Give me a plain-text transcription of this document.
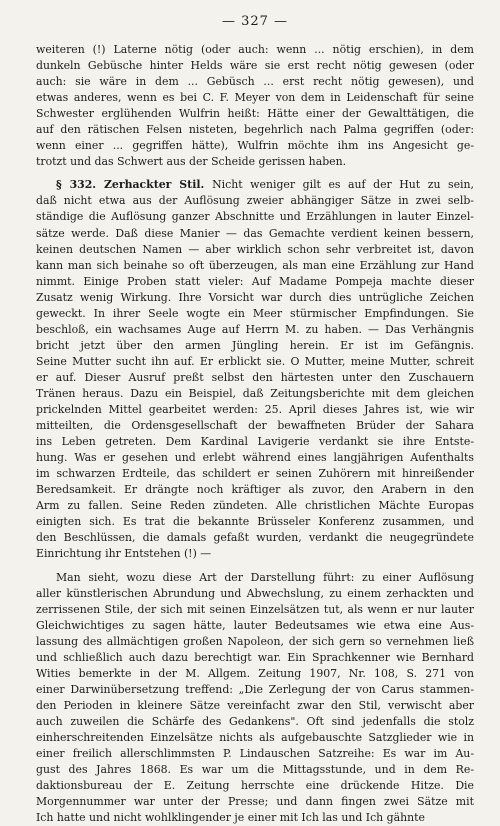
— 327 —
weiteren (!) Laterne nötig (oder auch: wenn ... nötig erschien), in dem
dunkeln Gebüsche hinter Helds wäre sie erst recht nötig gewesen (oder
auch: sie wäre in dem ... Gebüsch ... erst recht nötig gewesen), und
etwas anderes, wenn es bei C. F. Meyer von dem in Leidenschaft für seine
Schwester erglühenden Wulfrin heißt: Hätte einer der Gewalttätigen, die
auf den rätischen Felsen nisteten, begehrlich nach Palma gegriffen (oder:
wenn einer ... gegriffen hätte), Wulfrin möchte ihm ins Angesicht ge-
trotzt und das Schwert aus der Scheide gerissen haben.
§ 332. Zerhackter Stil. Nicht weniger gilt es auf der Hut zu sein,
daß nicht etwa aus der Auflösung zweier abhängiger Sätze in zwei selb-
ständige die Auflösung ganzer Abschnitte und Erzählungen in lauter Einzel-
sätze werde. Daß diese Manier — das Gemachte verdient keinen bessern,
keinen deutschen Namen — aber wirklich schon sehr verbreitet ist, davon
kann man sich beinahe so oft überzeugen, als man eine Erzählung zur Hand
nimmt. Einige Proben statt vieler: Auf Madame Pompeja machte dieser
Zusatz wenig Wirkung. Ihre Vorsicht war durch dies untrügliche Zeichen
geweckt. In ihrer Seele wogte ein Meer stürmischer Empfindungen. Sie
beschloß, ein wachsames Auge auf Herrn M. zu haben. — Das Verhängnis
bricht jetzt über den armen Jüngling herein. Er ist im Gefängnis.
Seine Mutter sucht ihn auf. Er erblickt sie. O Mutter, meine Mutter, schreit
er auf. Dieser Ausruf preßt selbst den härtesten unter den Zuschauern
Tränen heraus. Dazu ein Beispiel, daß Zeitungsberichte mit dem gleichen
prickelnden Mittel gearbeitet werden: 25. April dieses Jahres ist, wie wir
mitteilten, die Ordensgesellschaft der bewaffneten Brüder der Sahara
ins Leben getreten. Dem Kardinal Lavigerie verdankt sie ihre Entste-
hung. Was er gesehen und erlebt während eines langjährigen Aufenthalts
im schwarzen Erdteile, das schildert er seinen Zuhörern mit hinreißender
Beredsamkeit. Er drängte noch kräftiger als zuvor, den Arabern in den
Arm zu fallen. Seine Reden zündeten. Alle christlichen Mächte Europas
einigten sich. Es trat die bekannte Brüsseler Konferenz zusammen, und
den Beschlüssen, die damals gefaßt wurden, verdankt die neugegründete
Einrichtung ihr Entstehen (!) —
Man sieht, wozu diese Art der Darstellung führt: zu einer Auflösung
aller künstlerischen Abrundung und Abwechslung, zu einem zerhackten und
zerrissenen Stile, der sich mit seinen Einzelsätzen tut, als wenn er nur lauter
Gleichwichtiges zu sagen hätte, lauter Bedeutsames wie etwa eine Aus-
lassung des allmächtigen großen Napoleon, der sich gern so vernehmen ließ
und schließlich auch dazu berechtigt war. Ein Sprachkenner wie Bernhard
Wities bemerkte in der M. Allgem. Zeitung 1907, Nr. 108, S. 271 von
einer Darwinübersetzung treffend: „Die Zerlegung der von Carus stammen-
den Perioden in kleinere Sätze vereinfacht zwar den Stil, verwischt aber
auch zuweilen die Schärfe des Gedankens". Oft sind jedenfalls die stolz
einherschreitenden Einzelsätze nichts als aufgebauschte Satzglieder wie in
einer freilich allerschlimmsten P. Lindauschen Satzreihe: Es war im Au-
gust des Jahres 1868. Es war um die Mittagsstunde, und in dem Re-
daktionsbureau der E. Zeitung herrschte eine drückende Hitze. Die
Morgennummer war unter der Presse; und dann fingen zwei Sätze mit
Ich hatte und nicht wohlklingender je einer mit Ich las und Ich gähnte
